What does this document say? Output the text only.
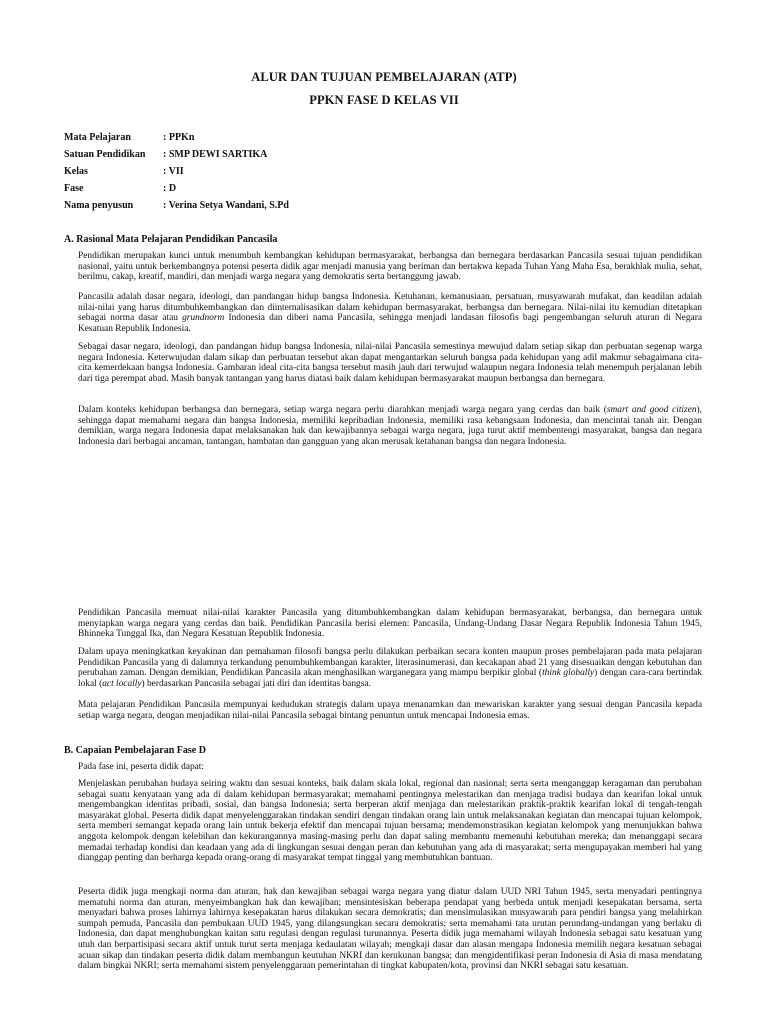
ALUR DAN TUJUAN PEMBELAJARAN (ATP)
PPKN FASE D KELAS VII
Mata Pelajaran	: PPKn
Satuan Pendidikan	: SMP DEWI SARTIKA
Kelas	: VII
Fase	: D
Nama penyusun	: Verina Setya Wandani, S.Pd
A. Rasional Mata Pelajaran Pendidikan Pancasila

Pendidikan merupakan kunci untuk menumbuh kembangkan kehidupan bermasyarakat, berbangsa dan bernegara berdasarkan Pancasila sesuai tujuan pendidikan nasional, yaitu untuk berkembangnya potensi peserta didik agar menjadi manusia yang beriman dan bertakwa kepada Tuhan Yang Maha Esa, berakhlak mulia, sehat, berilmu, cakap, kreatif, mandiri, dan menjadi warga negara yang demokratis serta bertanggung jawab.

Pancasila adalah dasar negara, ideologi, dan pandangan hidup bangsa Indonesia. Ketuhanan, kemanusiaan, persatuan, musyawarah mufakat, dan keadilan adalah nilai-nilai yang harus ditumbuhkembangkan dan diinternalisasikan dalam kehidupan bermasyarakat, berbangsa dan bernegara. Nilai-nilai itu kemudian ditetapkan sebagai norma dasar atau grundnorm Indonesia dan diberi nama Pancasila, sehingga menjadi landasan filosofis bagi pengembangan seluruh aturan di Negara Kesatuan Republik Indonesia.

Sebagai dasar negara, ideologi, dan pandangan hidup bangsa Indonesia, nilai-nilai Pancasila semestinya mewujud dalam setiap sikap dan perbuatan segenap warga negara Indonesia. Keterwujudan dalam sikap dan perbuatan tersebut akan dapat mengantarkan seluruh bangsa pada kehidupan yang adil makmur sebagaimana cita-cita kemerdekaan bangsa Indonesia. Gambaran ideal cita-cita bangsa tersebut masih jauh dari terwujud walaupun negara Indonesia telah menempuh perjalanan lebih dari tiga perempat abad. Masih banyak tantangan yang harus diatasi baik dalam kehidupan bermasyarakat maupun berbangsa dan bernegara.

Dalam konteks kehidupan berbangsa dan bernegara, setiap warga negara perlu diarahkan menjadi warga negara yang cerdas dan baik (smart and good citizen), sehingga dapat memahami negara dan bangsa Indonesia, memiliki kepribadian Indonesia, memiliki rasa kebangsaan Indonesia, dan mencintai tanah air. Dengan demikian, warga negara Indonesia dapat melaksanakan hak dan kewajibannya sebagai warga negara, juga turut aktif membentengi masyarakat, bangsa dan negara Indonesia dari berbagai ancaman, tantangan, hambatan dan gangguan yang akan merusak ketahanan bangsa dan negara Indonesia.

Pendidikan Pancasila memuat nilai-nilai karakter Pancasila yang ditumbuhkembangkan dalam kehidupan bermasyarakat, berbangsa, dan bernegara untuk menyiapkan warga negara yang cerdas dan baik. Pendidikan Pancasila berisi elemen: Pancasila, Undang-Undang Dasar Negara Republik Indonesia Tahun 1945, Bhinneka Tunggal Ika, dan Negara Kesatuan Republik Indonesia.

Dalam upaya meningkatkan keyakinan dan pemahaman filosofi bangsa perlu dilakukan perbaikan secara konten maupun proses pembelajaran pada mata pelajaran Pendidikan Pancasila yang di dalamnya terkandung penumbuhkembangan karakter, literasinumerasi, dan kecakapan abad 21 yang disesuaikan dengan kebutuhan dan perubahan zaman. Dengan demikian, Pendidikan Pancasila akan menghasilkan warganegara yang mampu berpikir global (think globally) dengan cara-cara bertindak lokal (act locally) berdasarkan Pancasila sebagai jati diri dan identitas bangsa.

Mata pelajaran Pendidikan Pancasila mempunyai kedudukan strategis dalam upaya menanamkan dan mewariskan karakter yang sesuai dengan Pancasila kepada setiap warga negara, dengan menjadikan nilai-nilai Pancasila sebagai bintang penuntun untuk mencapai Indonesia emas.

B. Capaian Pembelajaran Fase D

Pada fase ini, peserta didik dapat:

Menjelaskan perubahan budaya seiring waktu dan sesuai konteks, baik dalam skala lokal, regional dan nasional; serta serta menganggap keragaman dan perubahan sebagai suatu kenyataan yang ada di dalam kehidupan bermasyarakat; memahami pentingnya melestarikan dan menjaga tradisi budaya dan kearifan lokal untuk mengembangkan identitas pribadi, sosial, dan bangsa Indonesia; serta berperan aktif menjaga dan melestarikan praktik-praktik kearifan lokal di tengah-tengah masyarakat global. Peserta didik dapat menyelenggarakan tindakan sendiri dengan tindakan orang lain untuk melaksanakan kegiatan dan mencapai tujuan kelompok, serta memberi semangat kepada orang lain untuk bekerja efektif dan mencapai tujuan bersama; mendemonstrasikan kegiatan kelompok yang menunjukkan bahwa anggota kelompok dengan kelebihan dan kekurangannya masing-masing perlu dan dapat saling membantu memenuhi kebutuhan mereka; dan menanggapi secara memadai terhadap kondisi dan keadaan yang ada di lingkungan sesuai dengan peran dan kebutuhan yang ada di masyarakat; serta mengupayakan memberi hal yang dianggap penting dan berharga kepada orang-orang di masyarakat tempat tinggal yang membutuhkan bantuan.

Peserta didik juga mengkaji norma dan aturan, hak dan kewajiban sebagai warga negara yang diatur dalam UUD NRI Tahun 1945, serta menyadari pentingnya mematuhi norma dan aturan, menyeimbangkan hak dan kewajiban; mensintesiskan beberapa pendapat yang berbeda untuk menjadi kesepakatan bersama, serta menyadari bahwa proses lahirnya lahirnya kesepakatan harus dilakukan secara demokratis; dan mensimulasikan musyawarah para pendiri bangsa yang melahirkan sumpah pemuda, Pancasila dan pembukaan UUD 1945, yang dilangsungkan secara demokratis; serta memahami tata urutan perundang-undangan yang berlaku di Indonesia, dan dapat menghubungkan kaitan satu regulasi dengan regulasi turunannya. Peserta didik juga memahami wilayah Indonesia sebagai satu kesatuan yang utuh dan berpartisipasi secara aktif untuk turut serta menjaga kedaulatan wilayah; mengkaji dasar dan alasan mengapa Indonesia memilih negara kesatuan sebagai acuan sikap dan tindakan peserta didik dalam membangun keutuhan NKRI dan kerukunan bangsa; dan mengidentifikasi peran Indonesia di Asia di masa mendatang dalam bingkai NKRI; serta memahami sistem penyelenggaraan pemerintahan di tingkat kabupaten/kota, provinsi dan NKRI sebagai satu kesatuan.
